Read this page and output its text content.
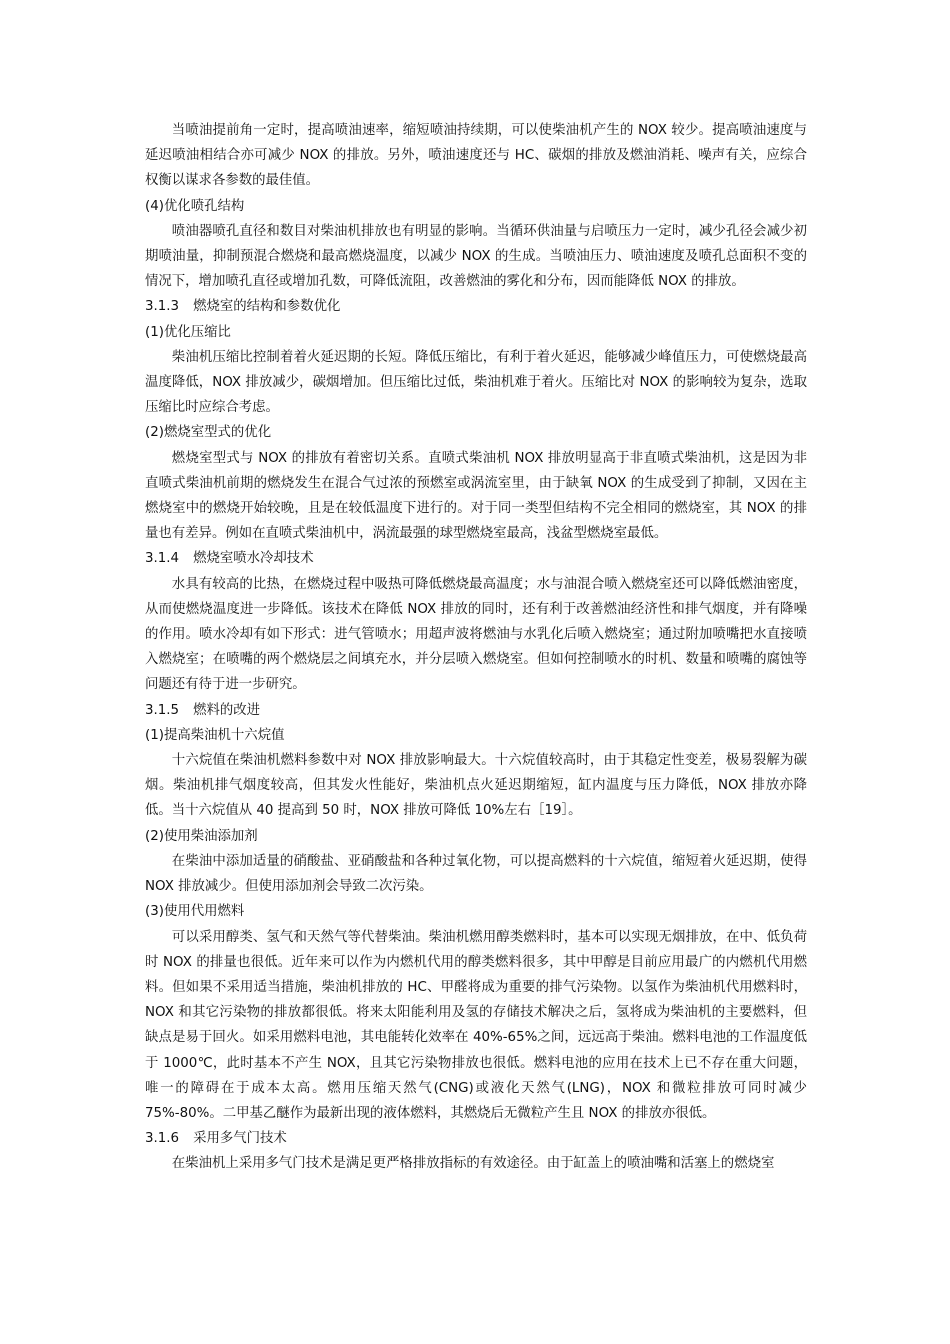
当喷油提前角一定时，提高喷油速率，缩短喷油持续期，可以使柴油机产生的 NOX 较少。提高喷油速度与延迟喷油相结合亦可减少 NOX 的排放。另外，喷油速度还与 HC、碳烟的排放及燃油消耗、噪声有关，应综合权衡以谋求各参数的最佳值。

(4)优化喷孔结构

喷油器喷孔直径和数目对柴油机排放也有明显的影响。当循环供油量与启喷压力一定时，减少孔径会减少初期喷油量，抑制预混合燃烧和最高燃烧温度，以减少 NOX 的生成。当喷油压力、喷油速度及喷孔总面积不变的情况下，增加喷孔直径或增加孔数，可降低流阻，改善燃油的雾化和分布，因而能降低 NOX 的排放。

3.1.3 燃烧室的结构和参数优化

(1)优化压缩比

柴油机压缩比控制着着火延迟期的长短。降低压缩比，有利于着火延迟，能够减少峰值压力，可使燃烧最高温度降低，NOX 排放减少，碳烟增加。但压缩比过低，柴油机难于着火。压缩比对 NOX 的影响较为复杂，选取压缩比时应综合考虑。

(2)燃烧室型式的优化

燃烧室型式与 NOX 的排放有着密切关系。直喷式柴油机 NOX 排放明显高于非直喷式柴油机，这是因为非直喷式柴油机前期的燃烧发生在混合气过浓的预燃室或涡流室里，由于缺氧 NOX 的生成受到了抑制，又因在主燃烧室中的燃烧开始较晚，且是在较低温度下进行的。对于同一类型但结构不完全相同的燃烧室，其 NOX 的排量也有差异。例如在直喷式柴油机中，涡流最强的球型燃烧室最高，浅盆型燃烧室最低。

3.1.4 燃烧室喷水冷却技术

水具有较高的比热，在燃烧过程中吸热可降低燃烧最高温度；水与油混合喷入燃烧室还可以降低燃油密度，从而使燃烧温度进一步降低。该技术在降低 NOX 排放的同时，还有利于改善燃油经济性和排气烟度，并有降噪的作用。喷水冷却有如下形式：进气管喷水；用超声波将燃油与水乳化后喷入燃烧室；通过附加喷嘴把水直接喷入燃烧室；在喷嘴的两个燃烧层之间填充水，并分层喷入燃烧室。但如何控制喷水的时机、数量和喷嘴的腐蚀等问题还有待于进一步研究。

3.1.5 燃料的改进

(1)提高柴油机十六烷值

十六烷值在柴油机燃料参数中对 NOX 排放影响最大。十六烷值较高时，由于其稳定性变差，极易裂解为碳烟。柴油机排气烟度较高，但其发火性能好，柴油机点火延迟期缩短，缸内温度与压力降低，NOX 排放亦降低。当十六烷值从 40 提高到 50 时，NOX 排放可降低 10%左右［19］。

(2)使用柴油添加剂

在柴油中添加适量的硝酸盐、亚硝酸盐和各种过氧化物，可以提高燃料的十六烷值，缩短着火延迟期，使得 NOX 排放减少。但使用添加剂会导致二次污染。

(3)使用代用燃料

可以采用醇类、氢气和天然气等代替柴油。柴油机燃用醇类燃料时，基本可以实现无烟排放，在中、低负荷时 NOX 的排量也很低。近年来可以作为内燃机代用的醇类燃料很多，其中甲醇是目前应用最广的内燃机代用燃料。但如果不采用适当措施，柴油机排放的 HC、甲醛将成为重要的排气污染物。以氢作为柴油机代用燃料时，NOX 和其它污染物的排放都很低。将来太阳能利用及氢的存储技术解决之后，氢将成为柴油机的主要燃料，但缺点是易于回火。如采用燃料电池，其电能转化效率在 40%-65%之间，远远高于柴油。燃料电池的工作温度低于 1000℃，此时基本不产生 NOX，且其它污染物排放也很低。燃料电池的应用在技术上已不存在重大问题，唯一的障碍在于成本太高。燃用压缩天然气(CNG)或液化天然气(LNG)，NOX 和微粒排放可同时减少 75%-80%。二甲基乙醚作为最新出现的液体燃料，其燃烧后无微粒产生且 NOX 的排放亦很低。

3.1.6 采用多气门技术

在柴油机上采用多气门技术是满足更严格排放指标的有效途径。由于缸盖上的喷油嘴和活塞上的燃烧室
